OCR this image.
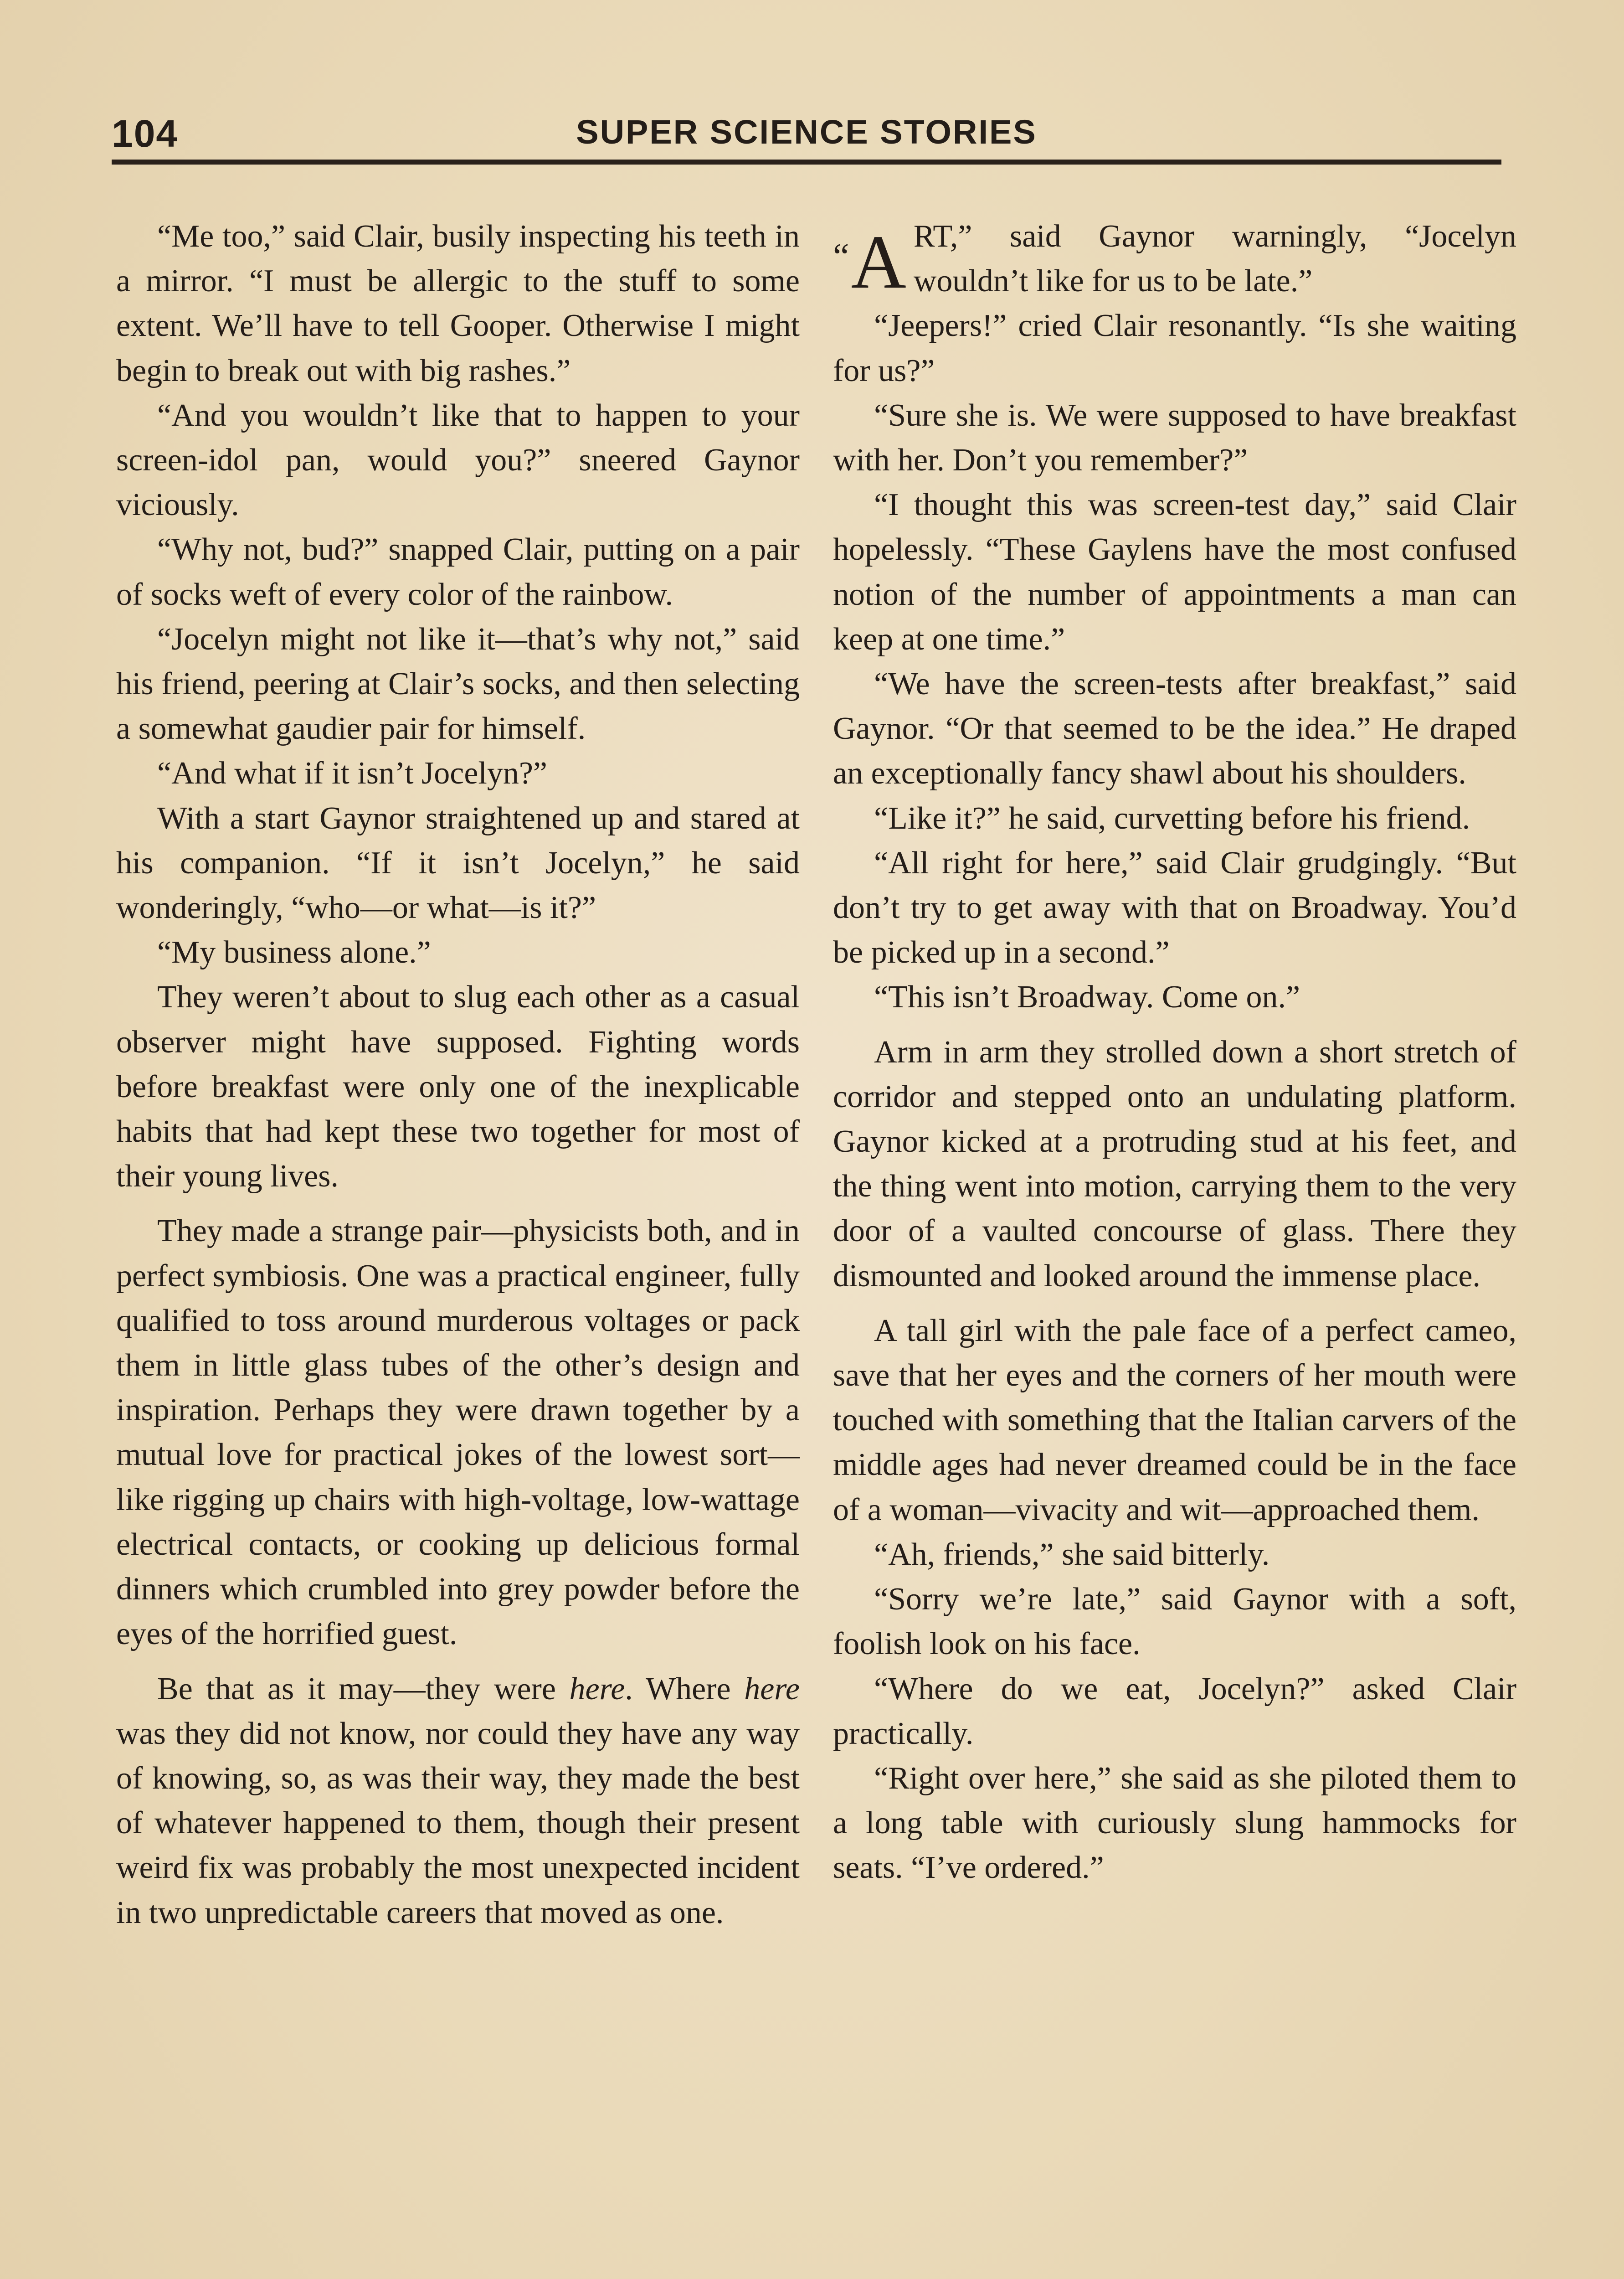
104	SUPER SCIENCE STORIES

“Me too,” said Clair, busily inspecting his teeth in a mirror. “I must be allergic to the stuff to some extent. We’ll have to tell Gooper. Otherwise I might begin to break out with big rashes.”

“And you wouldn’t like that to happen to your screen-idol pan, would you?” sneered Gaynor viciously.

“Why not, bud?” snapped Clair, putting on a pair of socks weft of every color of the rainbow.

“Jocelyn might not like it—that’s why not,” said his friend, peering at Clair’s socks, and then selecting a somewhat gaudier pair for himself.

“And what if it isn’t Jocelyn?”

With a start Gaynor straightened up and stared at his companion. “If it isn’t Jocelyn,” he said wonderingly, “who—or what—is it?”

“My business alone.”

They weren’t about to slug each other as a casual observer might have supposed. Fighting words before breakfast were only one of the inexplicable habits that had kept these two together for most of their young lives.

They made a strange pair—physicists both, and in perfect symbiosis. One was a practical engineer, fully qualified to toss around murderous voltages or pack them in little glass tubes of the other’s design and inspiration. Perhaps they were drawn together by a mutual love for practical jokes of the lowest sort—like rigging up chairs with high-voltage, low-wattage electrical contacts, or cooking up delicious formal dinners which crumbled into grey powder before the eyes of the horrified guest.

Be that as it may—they were here. Where here was they did not know, nor could they have any way of knowing, so, as was their way, they made the best of whatever happened to them, though their present weird fix was probably the most unexpected incident in two unpredictable careers that moved as one.

“A RT,” said Gaynor warningly, “Jocelyn wouldn’t like for us to be late.”

“Jeepers!” cried Clair resonantly. “Is she waiting for us?”

“Sure she is. We were supposed to have breakfast with her. Don’t you remember?”

“I thought this was screen-test day,” said Clair hopelessly. “These Gaylens have the most confused notion of the number of appointments a man can keep at one time.”

“We have the screen-tests after breakfast,” said Gaynor. “Or that seemed to be the idea.” He draped an exceptionally fancy shawl about his shoulders.

“Like it?” he said, curvetting before his friend.

“All right for here,” said Clair grudgingly. “But don’t try to get away with that on Broadway. You’d be picked up in a second.”

“This isn’t Broadway. Come on.”

Arm in arm they strolled down a short stretch of corridor and stepped onto an undulating platform. Gaynor kicked at a protruding stud at his feet, and the thing went into motion, carrying them to the very door of a vaulted concourse of glass. There they dismounted and looked around the immense place.

A tall girl with the pale face of a perfect cameo, save that her eyes and the corners of her mouth were touched with something that the Italian carvers of the middle ages had never dreamed could be in the face of a woman—vivacity and wit—approached them.

“Ah, friends,” she said bitterly.

“Sorry we’re late,” said Gaynor with a soft, foolish look on his face.

“Where do we eat, Jocelyn?” asked Clair practically.

“Right over here,” she said as she piloted them to a long table with curiously slung hammocks for seats. “I’ve ordered.”
